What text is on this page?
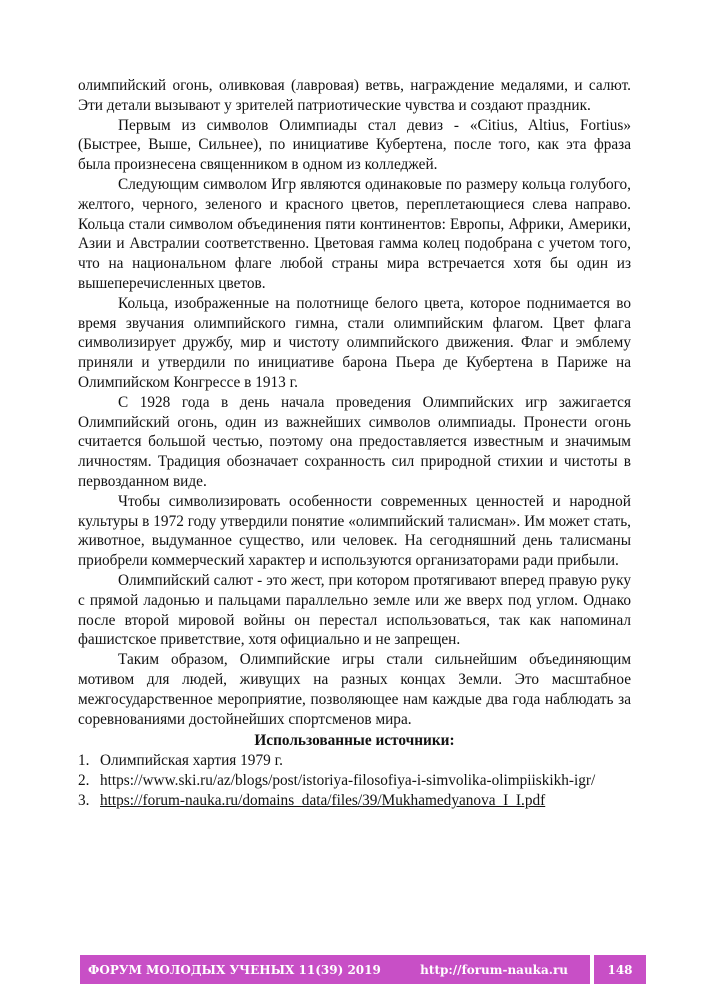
олимпийский огонь, оливковая (лавровая) ветвь, награждение медалями, и салют. Эти детали вызывают у зрителей патриотические чувства и создают праздник.

Первым из символов Олимпиады стал девиз - «Citius, Altius, Fortius» (Быстрее, Выше, Сильнее), по инициативе Кубертена, после того, как эта фраза была произнесена священником в одном из колледжей.

Следующим символом Игр являются одинаковые по размеру кольца голубого, желтого, черного, зеленого и красного цветов, переплетающиеся слева направо. Кольца стали символом объединения пяти континентов: Европы, Африки, Америки, Азии и Австралии соответственно. Цветовая гамма колец подобрана с учетом того, что на национальном флаге любой страны мира встречается хотя бы один из вышеперечисленных цветов.

Кольца, изображенные на полотнище белого цвета, которое поднимается во время звучания олимпийского гимна, стали олимпийским флагом. Цвет флага символизирует дружбу, мир и чистоту олимпийского движения. Флаг и эмблему приняли и утвердили по инициативе барона Пьера де Кубертена в Париже на Олимпийском Конгрессе в 1913 г.

С 1928 года в день начала проведения Олимпийских игр зажигается Олимпийский огонь, один из важнейших символов олимпиады. Пронести огонь считается большой честью, поэтому она предоставляется известным и значимым личностям. Традиция обозначает сохранность сил природной стихии и чистоты в первозданном виде.

Чтобы символизировать особенности современных ценностей и народной культуры в 1972 году утвердили понятие «олимпийский талисман». Им может стать, животное, выдуманное существо, или человек. На сегодняшний день талисманы приобрели коммерческий характер и используются организаторами ради прибыли.

Олимпийский салют - это жест, при котором протягивают вперед правую руку с прямой ладонью и пальцами параллельно земле или же вверх под углом. Однако после второй мировой войны он перестал использоваться, так как напоминал фашистское приветствие, хотя официально и не запрещен.

Таким образом, Олимпийские игры стали сильнейшим объединяющим мотивом для людей, живущих на разных концах Земли. Это масштабное межгосударственное мероприятие, позволяющее нам каждые два года наблюдать за соревнованиями достойнейших спортсменов мира.

Использованные источники:

1. Олимпийская хартия 1979 г.
2. https://www.ski.ru/az/blogs/post/istoriya-filosofiya-i-simvolika-olimpiiskikh-igr/
3. https://forum-nauka.ru/domains_data/files/39/Mukhamedyanova_I_I.pdf
ФОРУМ МОЛОДЫХ УЧЕНЫХ 11(39) 2019	http://forum-nauka.ru	148
